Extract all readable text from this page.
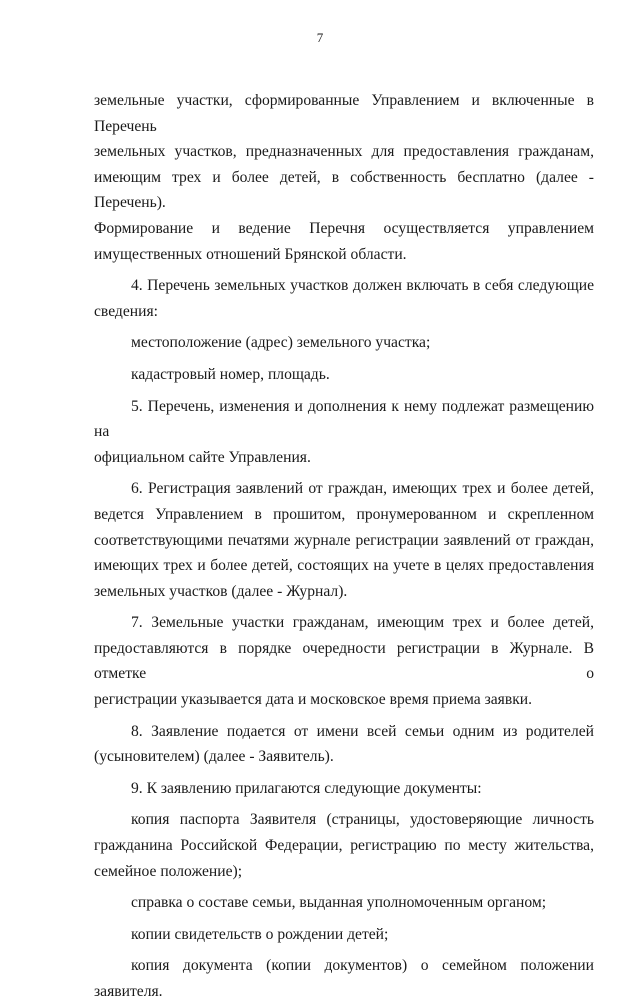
7

земельные участки, сформированные Управлением и включенные в Перечень

земельных участков, предназначенных для предоставления гражданам,

имеющим трех и более детей, в собственность бесплатно (далее - Перечень).

Формирование и ведение Перечня осуществляется управлением

имущественных отношений Брянской области.

4. Перечень земельных участков должен включать в себя следующие

сведения:

местоположение (адрес) земельного участка;

кадастровый номер, площадь.

5. Перечень, изменения и дополнения к нему подлежат размещению на

официальном сайте Управления.

6. Регистрация заявлений от граждан, имеющих трех и более детей,

ведется Управлением в прошитом, пронумерованном и скрепленном

соответствующими печатями журнале регистрации заявлений от граждан,

имеющих трех и более детей, состоящих на учете в целях предоставления

земельных участков (далее - Журнал).

7. Земельные участки гражданам, имеющим трех и более детей,

предоставляются в порядке очередности регистрации в Журнале. В отметке о

регистрации указывается дата и московское время приема заявки.

8. Заявление подается от имени всей семьи одним из родителей

(усыновителем) (далее - Заявитель).

9. К заявлению прилагаются следующие документы:

копия паспорта Заявителя (страницы, удостоверяющие личность

гражданина Российской Федерации, регистрацию по месту жительства,

семейное положение);

справка о составе семьи, выданная уполномоченным органом;

копии свидетельств о рождении детей;

копия документа (копии документов) о семейном положении

заявителя.
